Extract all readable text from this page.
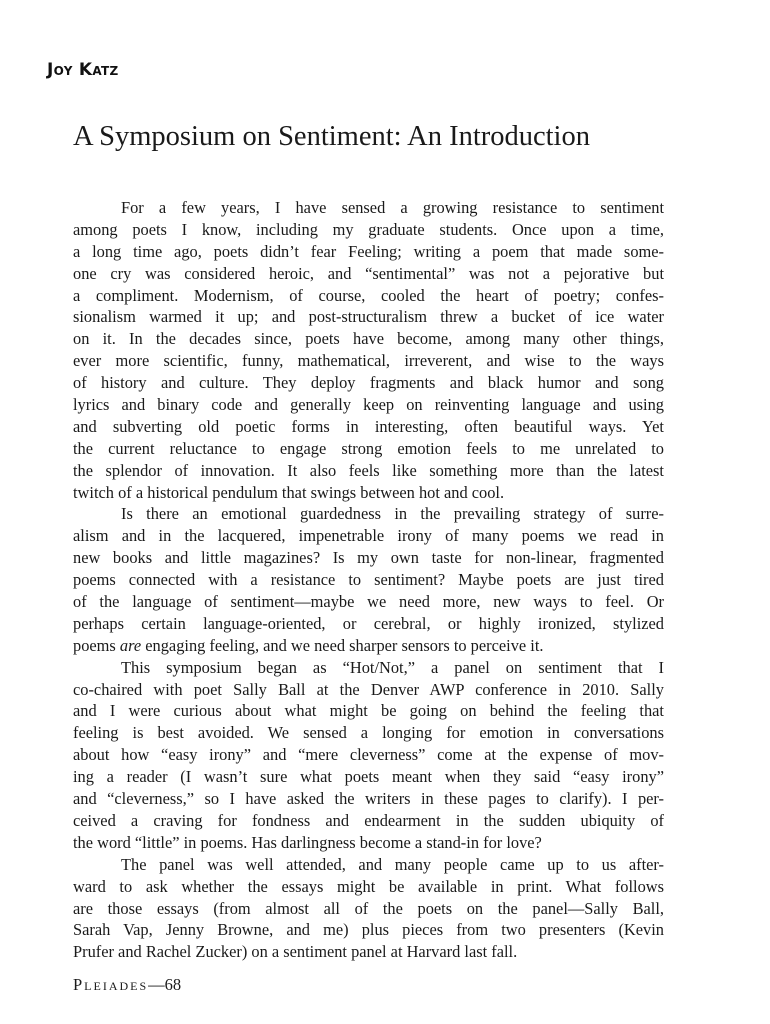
Joy Katz
A Symposium on Sentiment: An Introduction
For a few years, I have sensed a growing resistance to sentiment
among poets I know, including my graduate students. Once upon a time,
a long time ago, poets didn’t fear Feeling; writing a poem that made some-
one cry was considered heroic, and “sentimental” was not a pejorative but
a compliment. Modernism, of course, cooled the heart of poetry; confes-
sionalism warmed it up; and post-structuralism threw a bucket of ice water
on it. In the decades since, poets have become, among many other things,
ever more scientific, funny, mathematical, irreverent, and wise to the ways
of history and culture. They deploy fragments and black humor and song
lyrics and binary code and generally keep on reinventing language and using
and subverting old poetic forms in interesting, often beautiful ways. Yet
the current reluctance to engage strong emotion feels to me unrelated to
the splendor of innovation. It also feels like something more than the latest
twitch of a historical pendulum that swings between hot and cool.
Is there an emotional guardedness in the prevailing strategy of surre-
alism and in the lacquered, impenetrable irony of many poems we read in
new books and little magazines? Is my own taste for non-linear, fragmented
poems connected with a resistance to sentiment? Maybe poets are just tired
of the language of sentiment—maybe we need more, new ways to feel. Or
perhaps certain language-oriented, or cerebral, or highly ironized, stylized
poems are engaging feeling, and we need sharper sensors to perceive it.
This symposium began as “Hot/Not,” a panel on sentiment that I
co-chaired with poet Sally Ball at the Denver AWP conference in 2010. Sally
and I were curious about what might be going on behind the feeling that
feeling is best avoided. We sensed a longing for emotion in conversations
about how “easy irony” and “mere cleverness” come at the expense of mov-
ing a reader (I wasn’t sure what poets meant when they said “easy irony”
and “cleverness,” so I have asked the writers in these pages to clarify). I per-
ceived a craving for fondness and endearment in the sudden ubiquity of
the word “little” in poems. Has darlingness become a stand-in for love?
The panel was well attended, and many people came up to us after-
ward to ask whether the essays might be available in print. What follows
are those essays (from almost all of the poets on the panel—Sally Ball,
Sarah Vap, Jenny Browne, and me) plus pieces from two presenters (Kevin
Prufer and Rachel Zucker) on a sentiment panel at Harvard last fall.

Pleiades—68
